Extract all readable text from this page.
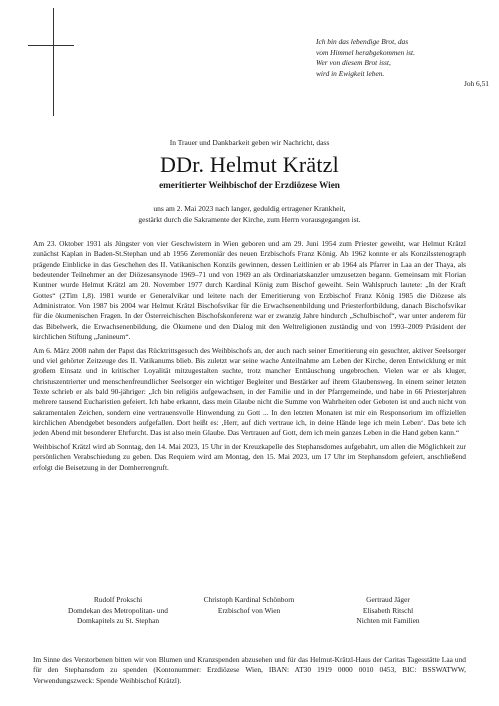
Ich bin das lebendige Brot, das
vom Himmel herabgekommen ist.
Wer von diesem Brot isst,
wird in Ewigkeit leben.
Joh 6,51
In Trauer und Dankbarkeit geben wir Nachricht, dass
DDr. Helmut Krätzl
emeritierter Weihbischof der Erzdiözese Wien
uns am 2. Mai 2023 nach langer, geduldig ertragener Krankheit,
gestärkt durch die Sakramente der Kirche, zum Herrn vorausgegangen ist.

Am 23. Oktober 1931 als Jüngster von vier Geschwistern in Wien geboren und am 29. Juni 1954 zum Priester geweiht, war Helmut Krätzl zunächst Kaplan in Baden-St.Stephan und ab 1956 Zeremoniär des neuen Erzbischofs Franz König. Ab 1962 konnte er als Konzilsstenograph prägende Einblicke in das Geschehen des II. Vatikanischen Konzils gewinnen, dessen Leitlinien er ab 1964 als Pfarrer in Laa an der Thaya, als bedeutender Teilnehmer an der Diözesansynode 1969–71 und von 1969 an als Ordinariatskanzler umzusetzen begann. Gemeinsam mit Florian Kuntner wurde Helmut Krätzl am 20. November 1977 durch Kardinal König zum Bischof geweiht. Sein Wahlspruch lautete: „In der Kraft Gottes“ (2Tim 1,8). 1981 wurde er Generalvikar und leitete nach der Emeritierung von Erzbischof Franz König 1985 die Diözese als Administrator. Von 1987 bis 2004 war Helmut Krätzl Bischofsvikar für die Erwachsenenbildung und Priesterfortbildung, danach Bischofsvikar für die ökumenischen Fragen. In der Österreichischen Bischofskonferenz war er zwanzig Jahre hindurch „Schulbischof“, war unter anderem für das Bibelwerk, die Erwachsenenbildung, die Ökumene und den Dialog mit den Weltreligionen zuständig und von 1993–2009 Präsident der kirchlichen Stiftung „Janineum“.

Am 6. März 2008 nahm der Papst das Rücktrittsgesuch des Weihbischofs an, der auch nach seiner Emeritierung ein gesuchter, aktiver Seelsorger und viel gehörter Zeitzeuge des II. Vatikanums blieb. Bis zuletzt war seine wache Anteilnahme am Leben der Kirche, deren Entwicklung er mit großem Einsatz und in kritischer Loyalität mitzugestalten suchte, trotz mancher Enttäuschung ungebrochen. Vielen war er als kluger, christuszentrierter und menschenfreundlicher Seelsorger ein wichtiger Begleiter und Bestärker auf ihrem Glaubensweg. In einem seiner letzten Texte schrieb er als bald 90-jähriger: „Ich bin religiös aufgewachsen, in der Familie und in der Pfarrgemeinde, und habe in 66 Priesterjahren mehrere tausend Eucharistien gefeiert. Ich habe erkannt, dass mein Glaube nicht die Summe von Wahrheiten oder Geboten ist und auch nicht von sakramentalen Zeichen, sondern eine vertrauensvolle Hinwendung zu Gott ... In den letzten Monaten ist mir ein Responsorium im offiziellen kirchlichen Abendgebet besonders aufgefallen. Dort heißt es: ‚Herr, auf dich vertraue ich, in deine Hände lege ich mein Leben‘. Das bete ich jeden Abend mit besonderer Ehrfurcht. Das ist also mein Glaube. Das Vertrauen auf Gott, dem ich mein ganzes Leben in die Hand geben kann.“

Weihbischof Krätzl wird ab Sonntag, den 14. Mai 2023, 15 Uhr in der Kreuzkapelle des Stephansdomes aufgebahrt, um allen die Möglichkeit zur persönlichen Verabschiedung zu geben. Das Requiem wird am Montag, den 15. Mai 2023, um 17 Uhr im Stephansdom gefeiert, anschließend erfolgt die Beisetzung in der Domherrengruft.

Rudolf Prokschi
Domdekan des Metropolitan- und
Domkapitels zu St. Stephan
Christoph Kardinal Schönborn
Erzbischof von Wien
Gertraud Jäger
Elisabeth Ritschl
Nichten mit Familien
Im Sinne des Verstorbenen bitten wir von Blumen und Kranzspenden abzusehen und für das Helmut-Krätzl-Haus der Caritas Tagesstätte Laa und für den Stephansdom zu spenden (Kontonummer: Erzdiözese Wien, IBAN: AT30 1919 0000 0010 0453, BIC: BSSWATWW, Verwendungszweck: Spende Weihbischof Krätzl).
